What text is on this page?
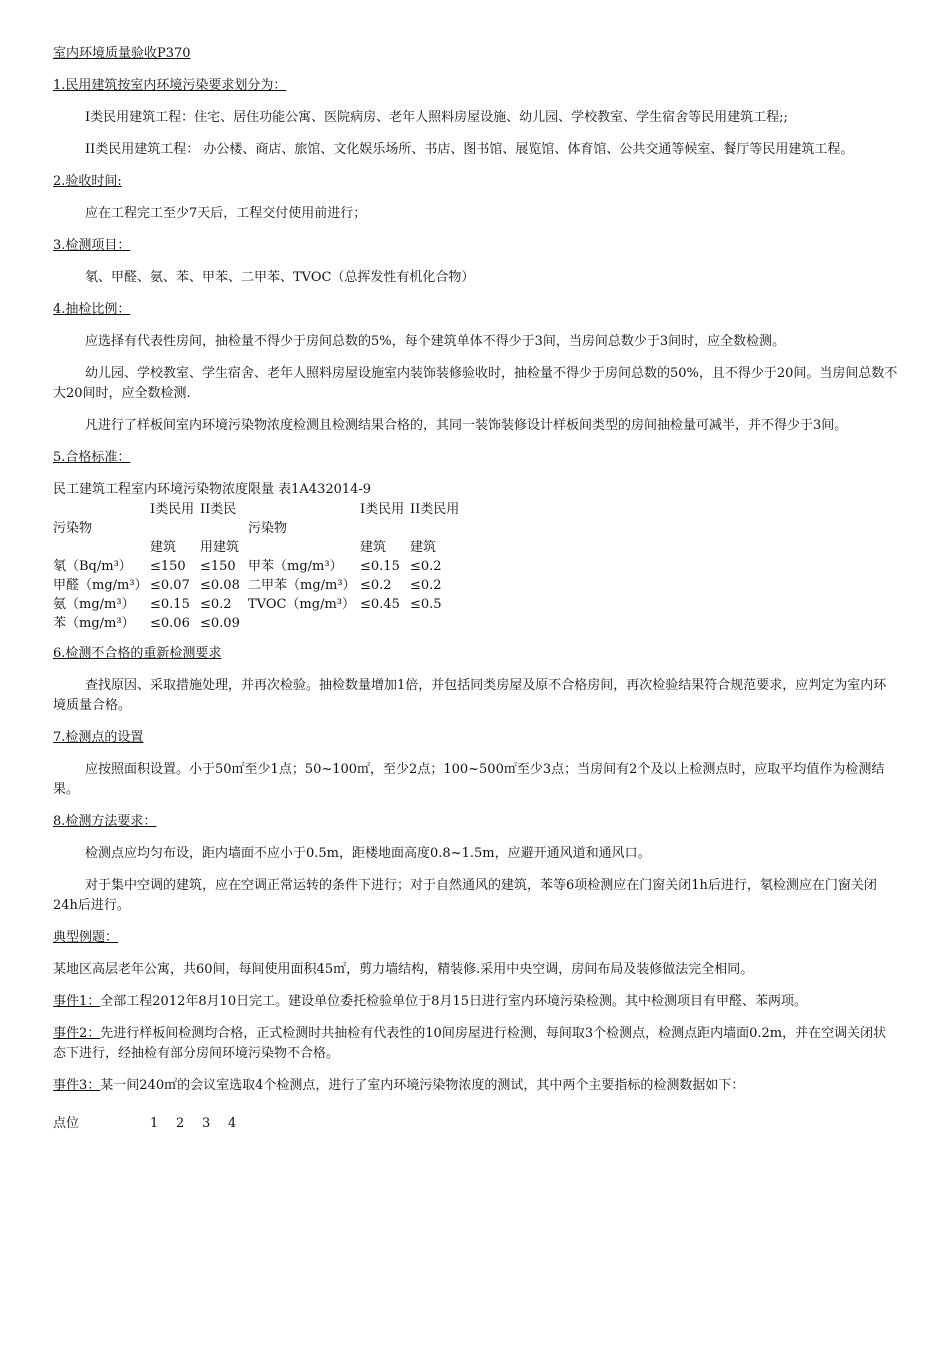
室内环境质量验收P370
1.民用建筑按室内环境污染要求划分为：
I类民用建筑工程：住宅、居住功能公寓、医院病房、老年人照料房屋设施、幼儿园、学校教室、学生宿舍等民用建筑工程;;
II类民用建筑工程： 办公楼、商店、旅馆、文化娱乐场所、书店、图书馆、展览馆、体育馆、公共交通等候室、餐厅等民用建筑工程。
2.验收时间:
应在工程完工至少7天后，工程交付使用前进行；
3.检测项目：
氡、甲醛、氨、苯、甲苯、二甲苯、TVOC（总挥发性有机化合物）
4.抽检比例：
应选择有代表性房间，抽检量不得少于房间总数的5%，每个建筑单体不得少于3间，当房间总数少于3间时，应全数检测。
幼儿园、学校教室、学生宿舍、老年人照料房屋设施室内装饰装修验收时，抽检量不得少于房间总数的50%，且不得少于20间。当房间总数不大20间时，应全数检测.
凡进行了样板间室内环境污染物浓度检测且检测结果合格的，其同一装饰装修设计样板间类型的房间抽检量可减半，并不得少于3间。
5.合格标准：
民工建筑工程室内环境污染物浓度限量 表1A432014-9
I类民用 II类民	I类民用 II类民用
污染物	污染物
建筑 用建筑	建筑 建筑
氡（Bq/m³） ≤150 ≤150 甲苯（mg/m³） ≤0.15 ≤0.2
甲醛（mg/m³） ≤0.07 ≤0.08 二甲苯（mg/m³） ≤0.2 ≤0.2
氨（mg/m³） ≤0.15 ≤0.2 TVOC（mg/m³） ≤0.45 ≤0.5
苯（mg/m³） ≤0.06 ≤0.09
6.检测不合格的重新检测要求
查找原因、采取措施处理，并再次检验。抽检数量增加1倍，并包括同类房屋及原不合格房间，再次检验结果符合规范要求，应判定为室内环境质量合格。
7.检测点的设置
应按照面积设置。小于50㎡至少1点；50~100㎡，至少2点；100~500㎡至少3点；当房间有2个及以上检测点时，应取平均值作为检测结果。
8.检测方法要求：
检测点应均匀布设，距内墙面不应小于0.5m，距楼地面高度0.8~1.5m，应避开通风道和通风口。
对于集中空调的建筑，应在空调正常运转的条件下进行；对于自然通风的建筑，苯等6项检测应在门窗关闭1h后进行，氡检测应在门窗关闭24h后进行。
典型例题：
某地区高层老年公寓，共60间，每间使用面积45㎡，剪力墙结构，精装修.采用中央空调，房间布局及装修做法完全相同。
事件1：全部工程2012年8月10日完工。建设单位委托检验单位于8月15日进行室内环境污染检测。其中检测项目有甲醛、苯两项。
事件2：先进行样板间检测均合格，正式检测时共抽检有代表性的10间房屋进行检测，每间取3个检测点，检测点距内墙面0.2m，并在空调关闭状态下进行，经抽检有部分房间环境污染物不合格。
事件3：某一间240㎡的会议室选取4个检测点，进行了室内环境污染物浓度的测试，其中两个主要指标的检测数据如下：
点位	1 2 3 4
